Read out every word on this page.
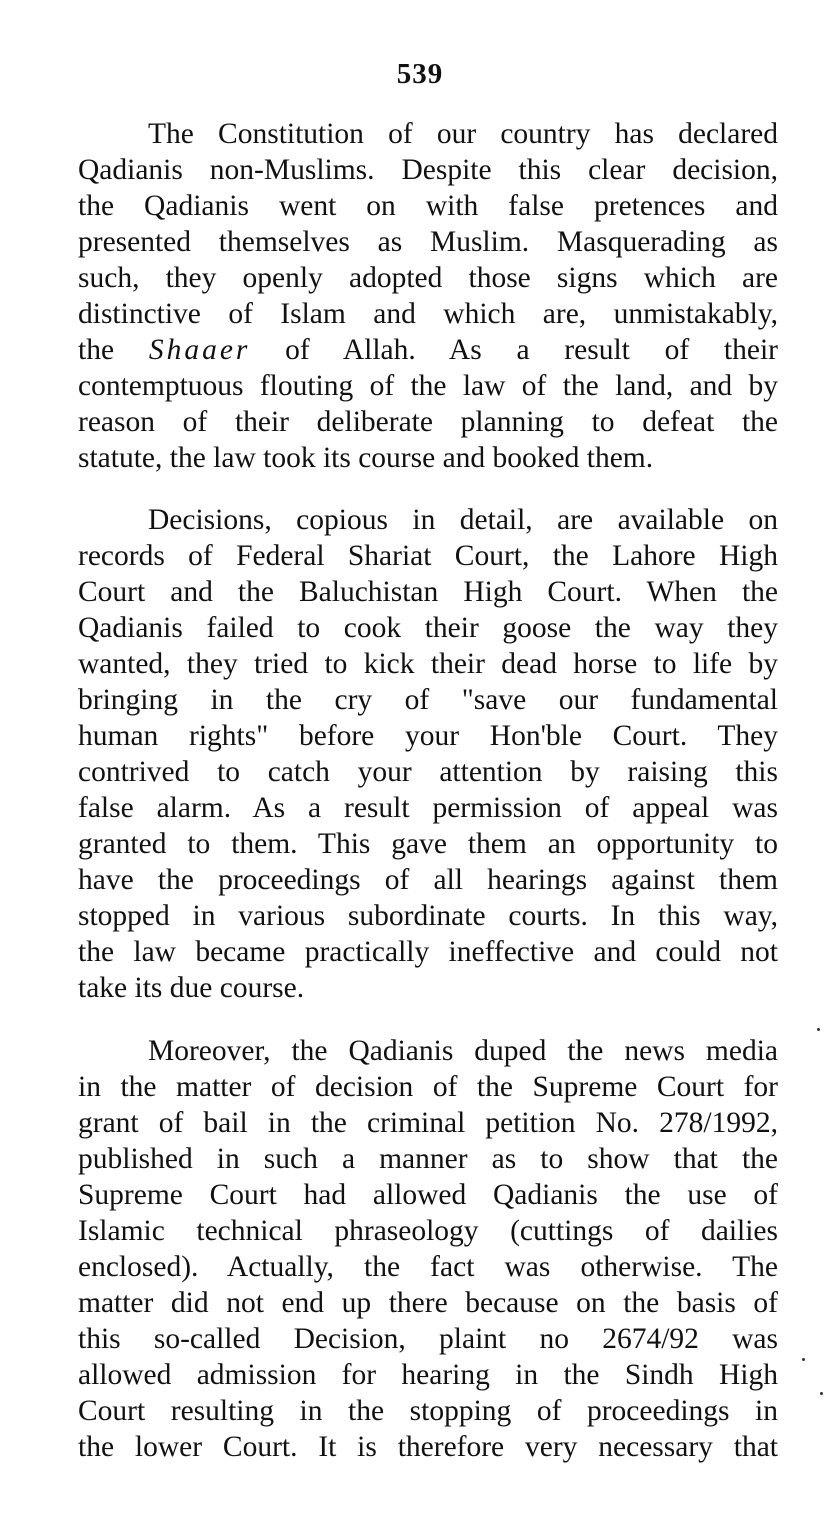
539
The Constitution of our country has declared
Qadianis non-Muslims. Despite this clear decision,
the Qadianis went on with false pretences and
presented themselves as Muslim. Masquerading as
such, they openly adopted those signs which are
distinctive of Islam and which are, unmistakably,
the Shaaer of Allah. As a result of their
contemptuous flouting of the law of the land, and by
reason of their deliberate planning to defeat the
statute, the law took its course and booked them.
Decisions, copious in detail, are available on
records of Federal Shariat Court, the Lahore High
Court and the Baluchistan High Court. When the
Qadianis failed to cook their goose the way they
wanted, they tried to kick their dead horse to life by
bringing in the cry of "save our fundamental
human rights" before your Hon'ble Court. They
contrived to catch your attention by raising this
false alarm. As a result permission of appeal was
granted to them. This gave them an opportunity to
have the proceedings of all hearings against them
stopped in various subordinate courts. In this way,
the law became practically ineffective and could not
take its due course.
Moreover, the Qadianis duped the news media
in the matter of decision of the Supreme Court for
grant of bail in the criminal petition No. 278/1992,
published in such a manner as to show that the
Supreme Court had allowed Qadianis the use of
Islamic technical phraseology (cuttings of dailies
enclosed). Actually, the fact was otherwise. The
matter did not end up there because on the basis of
this so-called Decision, plaint no 2674/92 was
allowed admission for hearing in the Sindh High
Court resulting in the stopping of proceedings in
the lower Court. It is therefore very necessary that
